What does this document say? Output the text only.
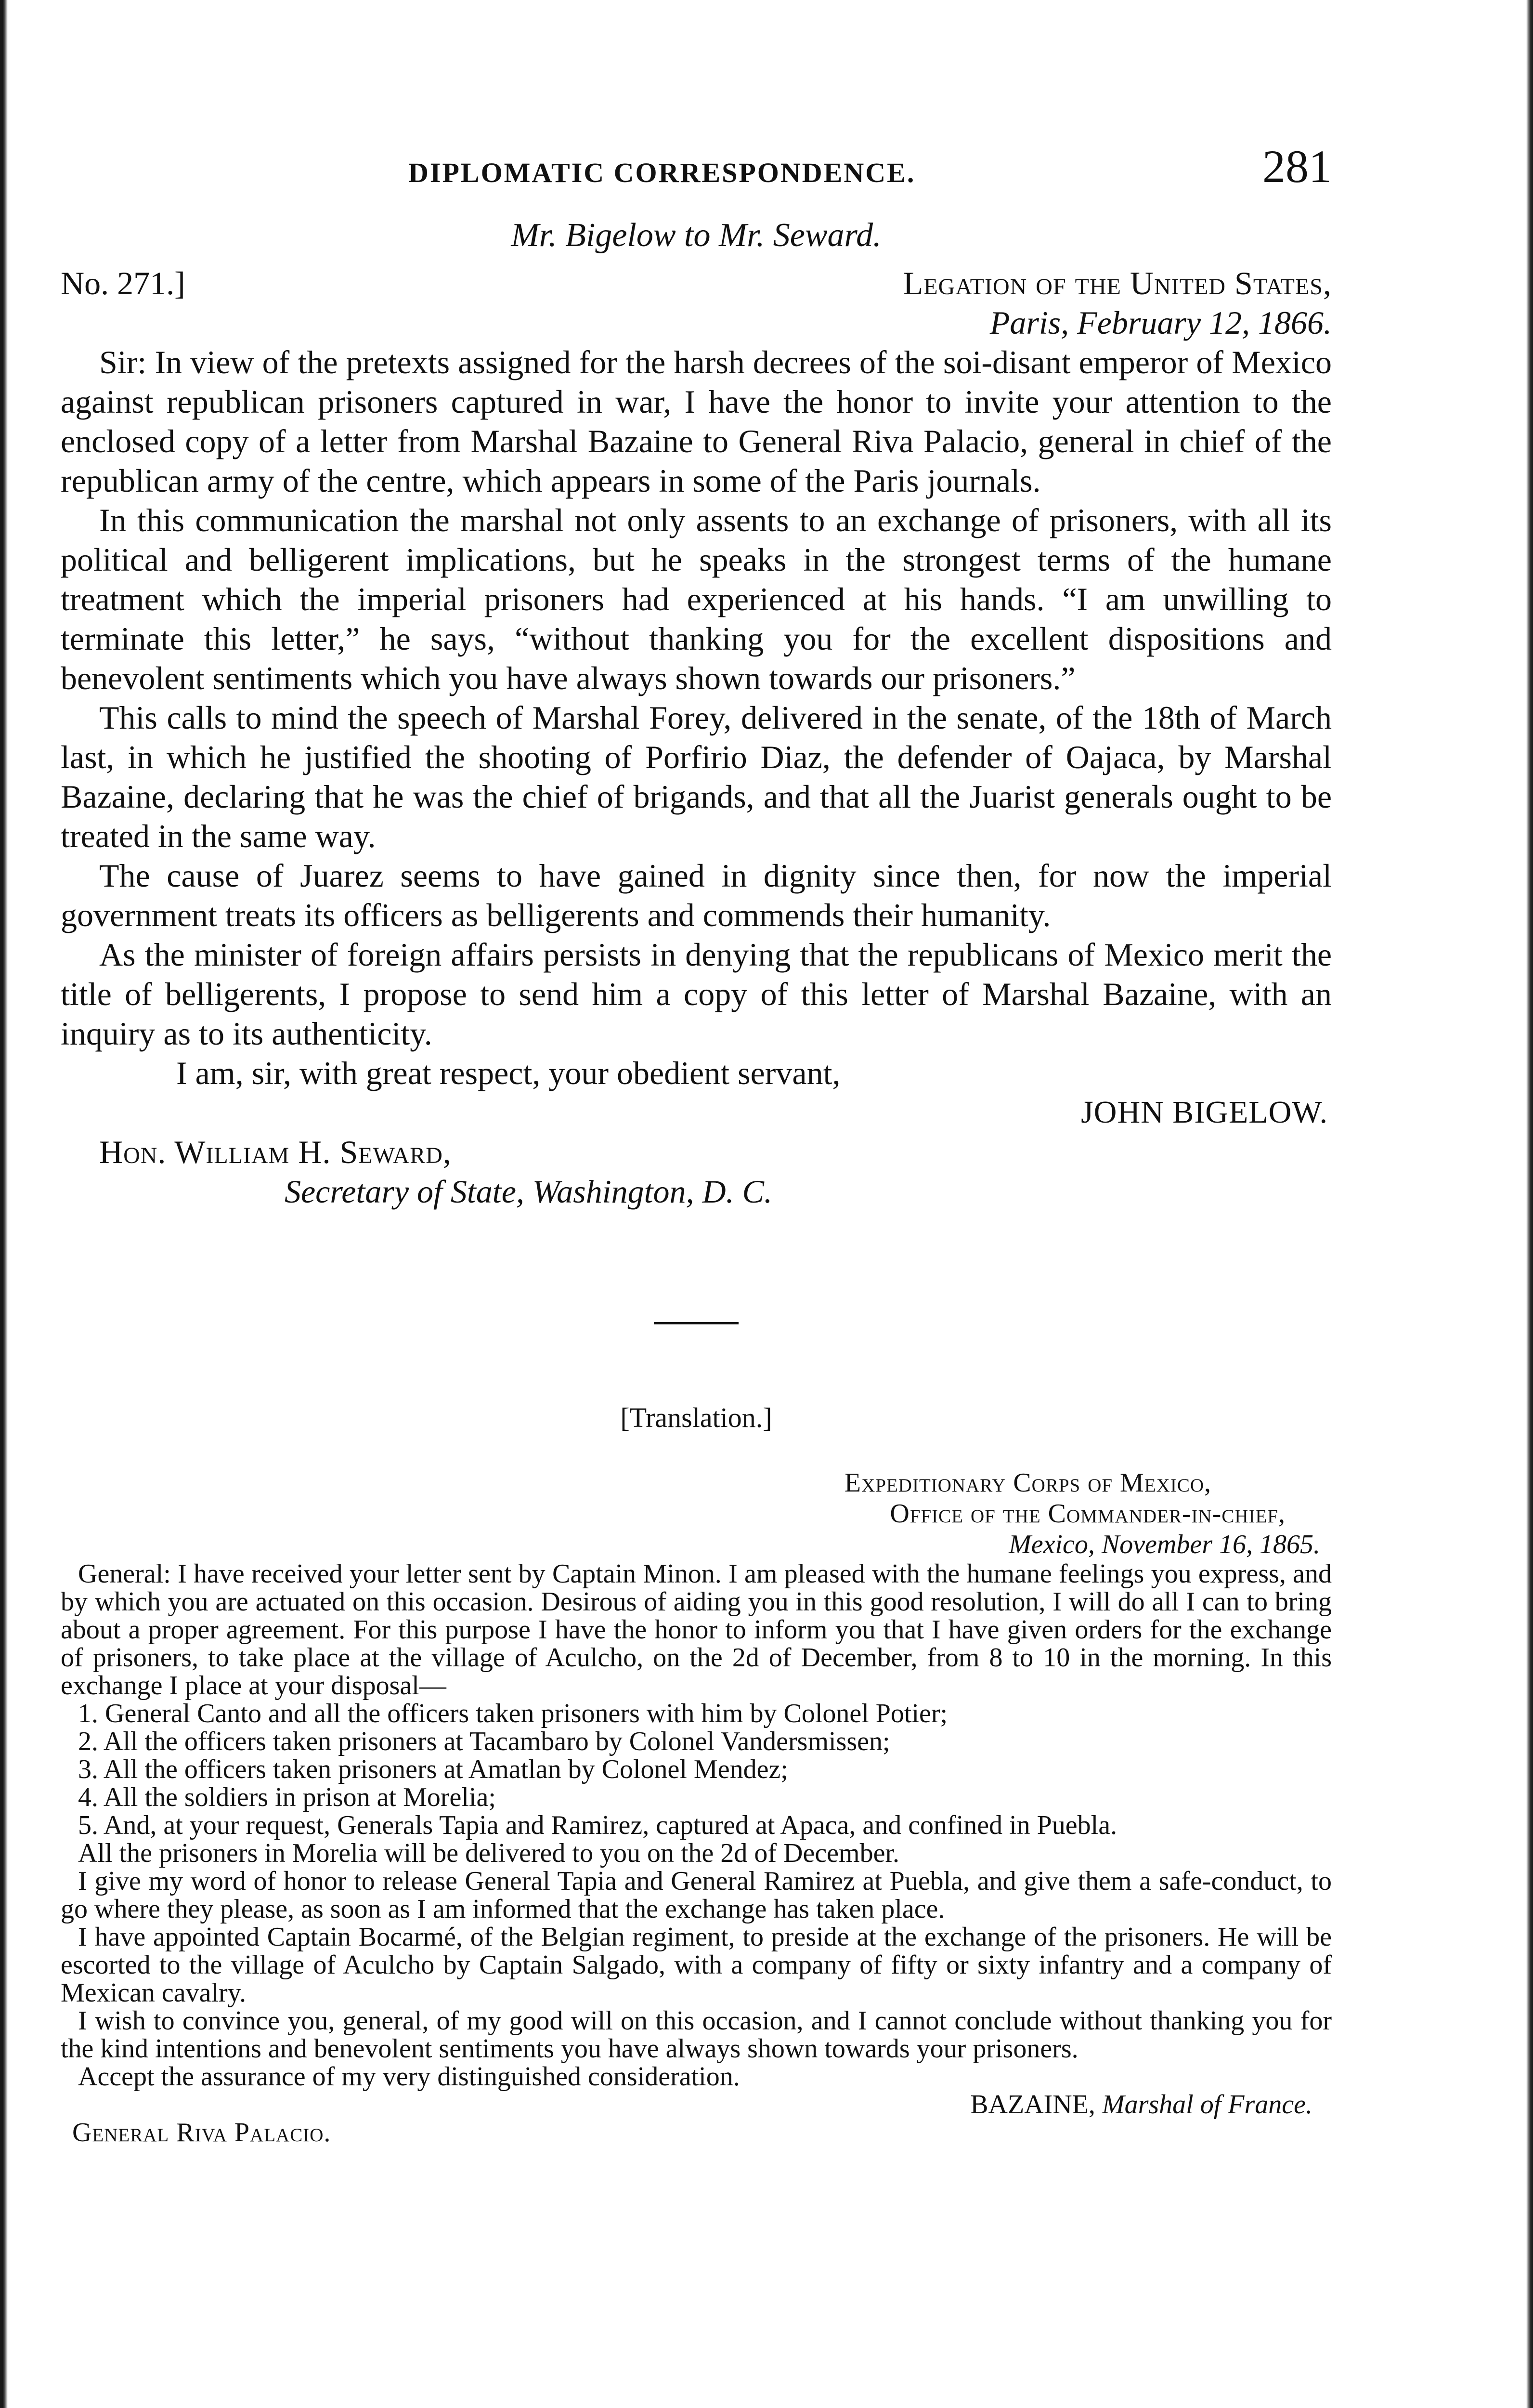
DIPLOMATIC CORRESPONDENCE.	281
Mr. Bigelow to Mr. Seward.
No. 271.]	Legation of the United States,
Paris, February 12, 1866.

Sir: In view of the pretexts assigned for the harsh decrees of the soi-disant emperor of Mexico against republican prisoners captured in war, I have the honor to invite your attention to the enclosed copy of a letter from Marshal Bazaine to General Riva Palacio, general in chief of the republican army of the centre, which appears in some of the Paris journals.

In this communication the marshal not only assents to an exchange of prisoners, with all its political and belligerent implications, but he speaks in the strongest terms of the humane treatment which the imperial prisoners had experienced at his hands. “I am unwilling to terminate this letter,” he says, “without thanking you for the excellent dispositions and benevolent sentiments which you have always shown towards our prisoners.”

This calls to mind the speech of Marshal Forey, delivered in the senate, of the 18th of March last, in which he justified the shooting of Porfirio Diaz, the defender of Oajaca, by Marshal Bazaine, declaring that he was the chief of brigands, and that all the Juarist generals ought to be treated in the same way.

The cause of Juarez seems to have gained in dignity since then, for now the imperial government treats its officers as belligerents and commends their humanity.

As the minister of foreign affairs persists in denying that the republicans of Mexico merit the title of belligerents, I propose to send him a copy of this letter of Marshal Bazaine, with an inquiry as to its authenticity.

I am, sir, with great respect, your obedient servant,
JOHN BIGELOW.
Hon. William H. Seward,
Secretary of State, Washington, D. C.
[Translation.]
Expeditionary Corps of Mexico,
Office of the Commander-in-chief,
Mexico, November 16, 1865.

General: I have received your letter sent by Captain Minon. I am pleased with the humane feelings you express, and by which you are actuated on this occasion. Desirous of aiding you in this good resolution, I will do all I can to bring about a proper agreement. For this purpose I have the honor to inform you that I have given orders for the exchange of prisoners, to take place at the village of Aculcho, on the 2d of December, from 8 to 10 in the morning. In this exchange I place at your disposal—

1. General Canto and all the officers taken prisoners with him by Colonel Potier;
2. All the officers taken prisoners at Tacambaro by Colonel Vandersmissen;
3. All the officers taken prisoners at Amatlan by Colonel Mendez;
4. All the soldiers in prison at Morelia;
5. And, at your request, Generals Tapia and Ramirez, captured at Apaca, and confined in Puebla.

All the prisoners in Morelia will be delivered to you on the 2d of December.

I give my word of honor to release General Tapia and General Ramirez at Puebla, and give them a safe-conduct, to go where they please, as soon as I am informed that the exchange has taken place.

I have appointed Captain Bocarmé, of the Belgian regiment, to preside at the exchange of the prisoners. He will be escorted to the village of Aculcho by Captain Salgado, with a company of fifty or sixty infantry and a company of Mexican cavalry.

I wish to convince you, general, of my good will on this occasion, and I cannot conclude without thanking you for the kind intentions and benevolent sentiments you have always shown towards your prisoners.

Accept the assurance of my very distinguished consideration.
BAZAINE, Marshal of France.
General Riva Palacio.
